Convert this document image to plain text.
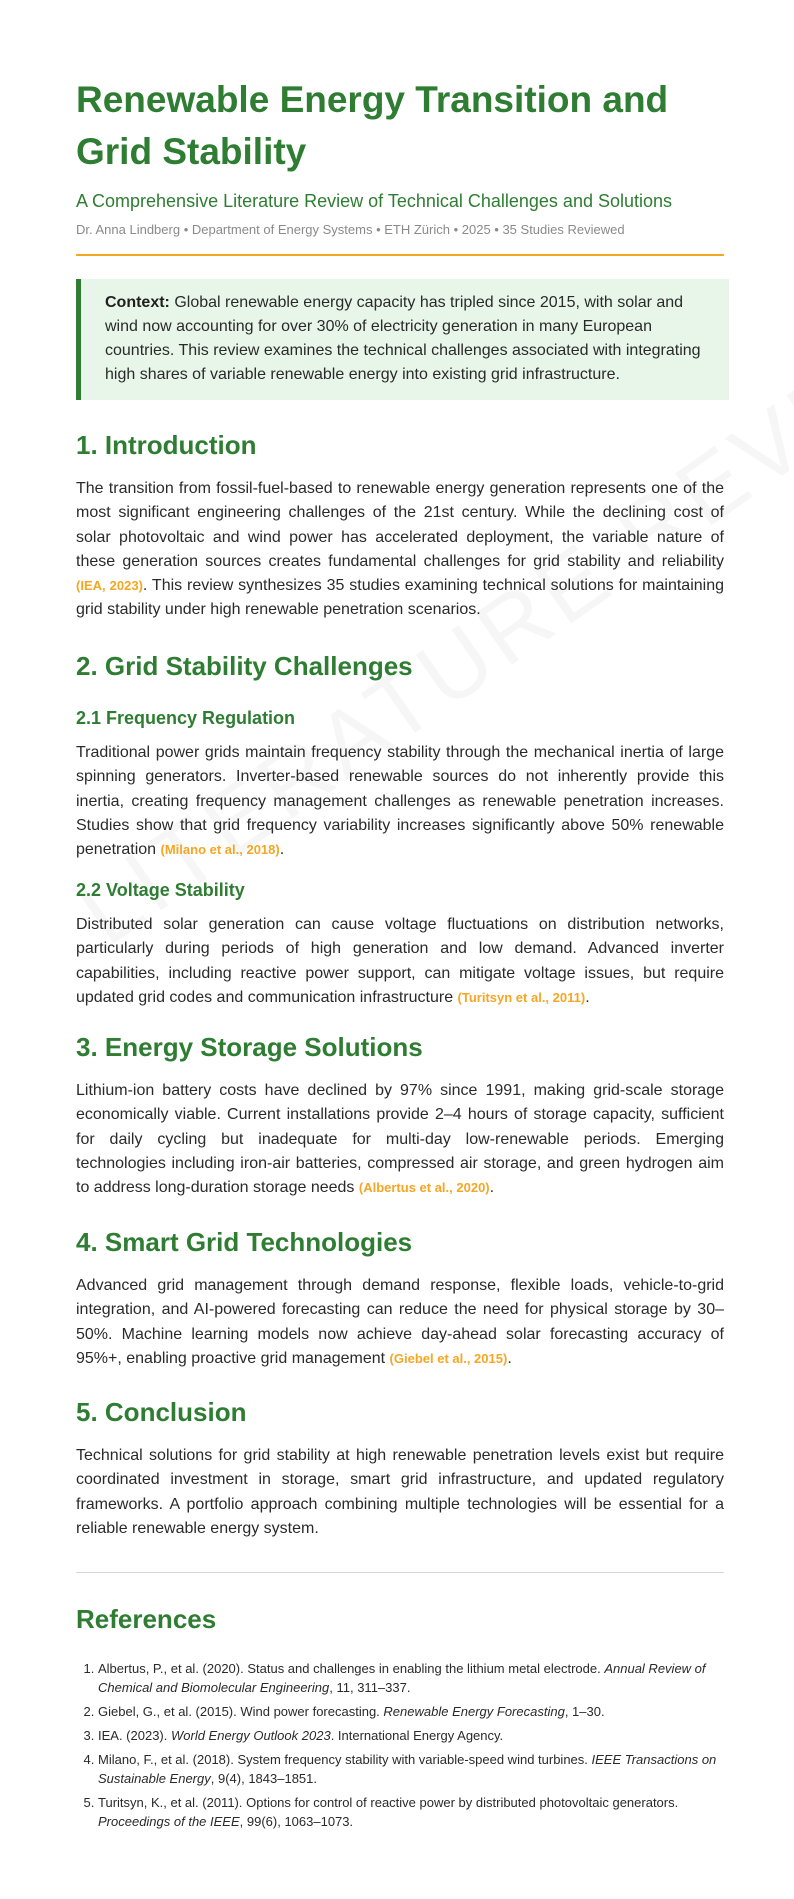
Renewable Energy Transition and Grid Stability
A Comprehensive Literature Review of Technical Challenges and Solutions
Dr. Anna Lindberg • Department of Energy Systems • ETH Zürich • 2025 • 35 Studies Reviewed
Context: Global renewable energy capacity has tripled since 2015, with solar and wind now accounting for over 30% of electricity generation in many European countries. This review examines the technical challenges associated with integrating high shares of variable renewable energy into existing grid infrastructure.
1. Introduction

The transition from fossil-fuel-based to renewable energy generation represents one of the most significant engineering challenges of the 21st century. While the declining cost of solar photovoltaic and wind power has accelerated deployment, the variable nature of these generation sources creates fundamental challenges for grid stability and reliability (IEA, 2023). This review synthesizes 35 studies examining technical solutions for maintaining grid stability under high renewable penetration scenarios.

2. Grid Stability Challenges
2.1 Frequency Regulation

Traditional power grids maintain frequency stability through the mechanical inertia of large spinning generators. Inverter-based renewable sources do not inherently provide this inertia, creating frequency management challenges as renewable penetration increases. Studies show that grid frequency variability increases significantly above 50% renewable penetration (Milano et al., 2018).

2.2 Voltage Stability

Distributed solar generation can cause voltage fluctuations on distribution networks, particularly during periods of high generation and low demand. Advanced inverter capabilities, including reactive power support, can mitigate voltage issues, but require updated grid codes and communication infrastructure (Turitsyn et al., 2011).

3. Energy Storage Solutions

Lithium-ion battery costs have declined by 97% since 1991, making grid-scale storage economically viable. Current installations provide 2–4 hours of storage capacity, sufficient for daily cycling but inadequate for multi-day low-renewable periods. Emerging technologies including iron-air batteries, compressed air storage, and green hydrogen aim to address long-duration storage needs (Albertus et al., 2020).

4. Smart Grid Technologies

Advanced grid management through demand response, flexible loads, vehicle-to-grid integration, and AI-powered forecasting can reduce the need for physical storage by 30–50%. Machine learning models now achieve day-ahead solar forecasting accuracy of 95%+, enabling proactive grid management (Giebel et al., 2015).

5. Conclusion

Technical solutions for grid stability at high renewable penetration levels exist but require coordinated investment in storage, smart grid infrastructure, and updated regulatory frameworks. A portfolio approach combining multiple technologies will be essential for a reliable renewable energy system.

References
1. Albertus, P., et al. (2020). Status and challenges in enabling the lithium metal electrode. Annual Review of Chemical and Biomolecular Engineering, 11, 311–337.
2. Giebel, G., et al. (2015). Wind power forecasting. Renewable Energy Forecasting, 1–30.
3. IEA. (2023). World Energy Outlook 2023. International Energy Agency.
4. Milano, F., et al. (2018). System frequency stability with variable-speed wind turbines. IEEE Transactions on Sustainable Energy, 9(4), 1843–1851.
5. Turitsyn, K., et al. (2011). Options for control of reactive power by distributed photovoltaic generators. Proceedings of the IEEE, 99(6), 1063–1073.
